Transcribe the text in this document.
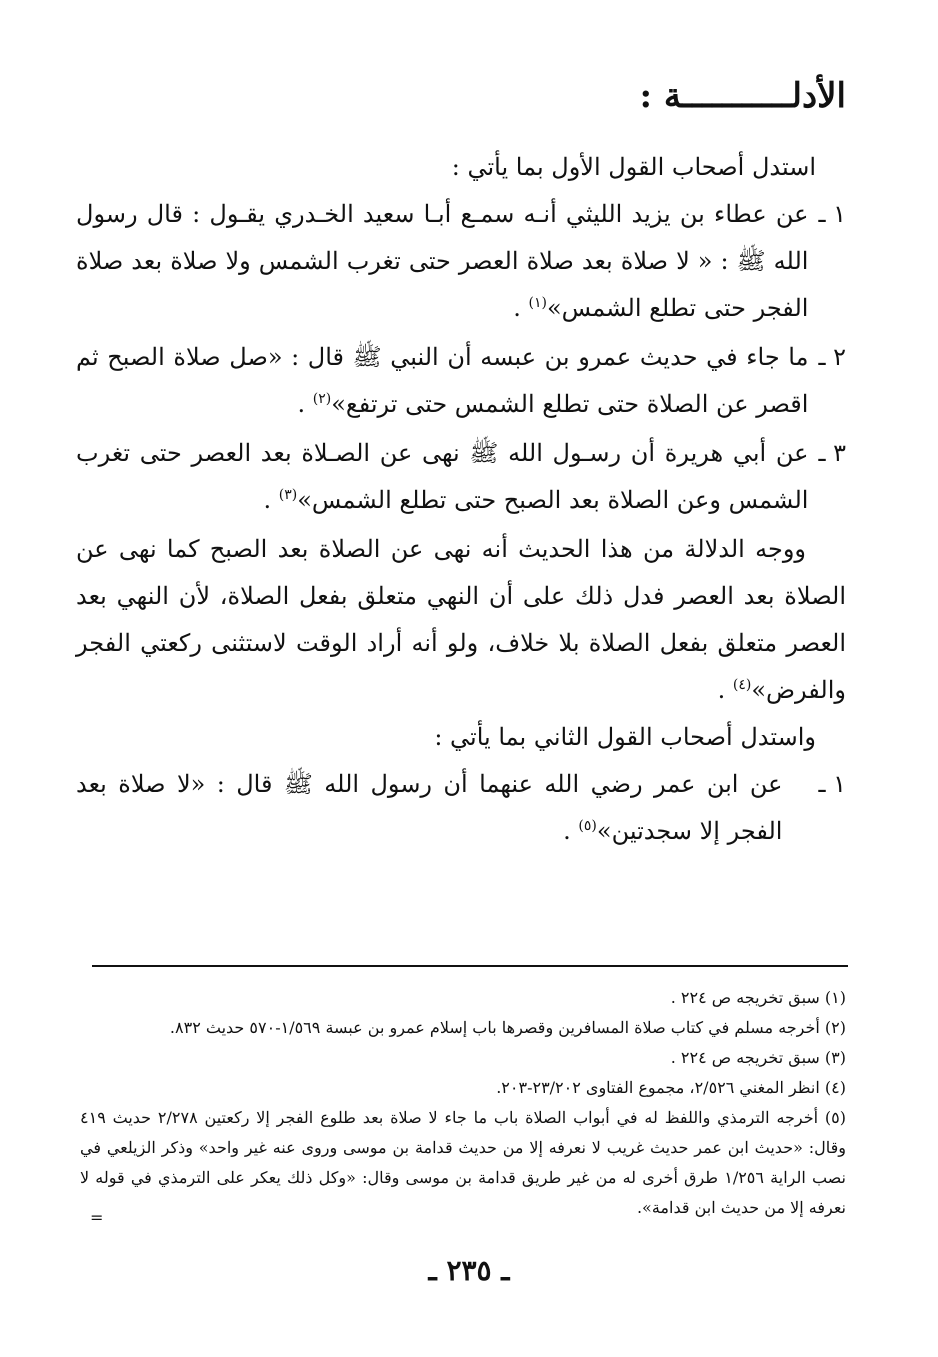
الأدلـــــــــــة :

استدل أصحاب القول الأول بما يأتي :

١ ـ
عن عطاء بن يزيد الليثي أنـه سمـع أبـا سعيد الخـدري يقـول : قال رسول الله ﷺ : « لا صلاة بعد صلاة العصر حتى تغرب الشمس ولا صلاة بعد صلاة الفجر حتى تطلع الشمس»$^{(١)}$ .
٢ ـ
ما جاء في حديث عمرو بن عبسه أن النبي ﷺ قال : «صل صلاة الصبح ثم اقصر عن الصلاة حتى تطلع الشمس حتى ترتفع»$^{(٢)}$ .
٣ ـ
عن أبي هريرة أن رسـول الله ﷺ نهى عن الصـلاة بعد العصر حتى تغرب الشمس وعن الصلاة بعد الصبح حتى تطلع الشمس»$^{(٣)}$ .

ووجه الدلالة من هذا الحديث أنه نهى عن الصلاة بعد الصبح كما نهى عن الصلاة بعد العصر فدل ذلك على أن النهي متعلق بفعل الصلاة، لأن النهي بعد العصر متعلق بفعل الصلاة بلا خلاف، ولو أنه أراد الوقت لاستثنى ركعتي الفجر والفرض»$^{(٤)}$ .

واستدل أصحاب القول الثاني بما يأتي :

١ ـ
عن ابن عمر رضي الله عنهما أن رسول الله ﷺ قال : «لا صلاة بعد الفجر إلا سجدتين»$^{(٥)}$ .

(١) سبق تخريجه ص ٢٢٤ .

(٢) أخرجه مسلم في كتاب صلاة المسافرين وقصرها باب إسلام عمرو بن عبسة ١/٥٦٩-٥٧٠ حديث ٨٣٢.

(٣) سبق تخريجه ص ٢٢٤ .

(٤) انظر المغني ٢/٥٢٦، مجموع الفتاوى ٢٣/٢٠٢-٢٠٣.

(٥) أخرجه الترمذي واللفظ له في أبواب الصلاة باب ما جاء لا صلاة بعد طلوع الفجر إلا ركعتين ٢/٢٧٨ حديث ٤١٩ وقال: «حديث ابن عمر حديث غريب لا نعرفه إلا من حديث قدامة بن موسى وروى عنه غير واحد» وذكر الزيلعي في نصب الراية ١/٢٥٦ طرق أخرى له من غير طريق قدامة بن موسى وقال: «وكل ذلك يعكر على الترمذي في قوله لا نعرفه إلا من حديث ابن قدامة».

=
ـ ٢٣٥ ـ
